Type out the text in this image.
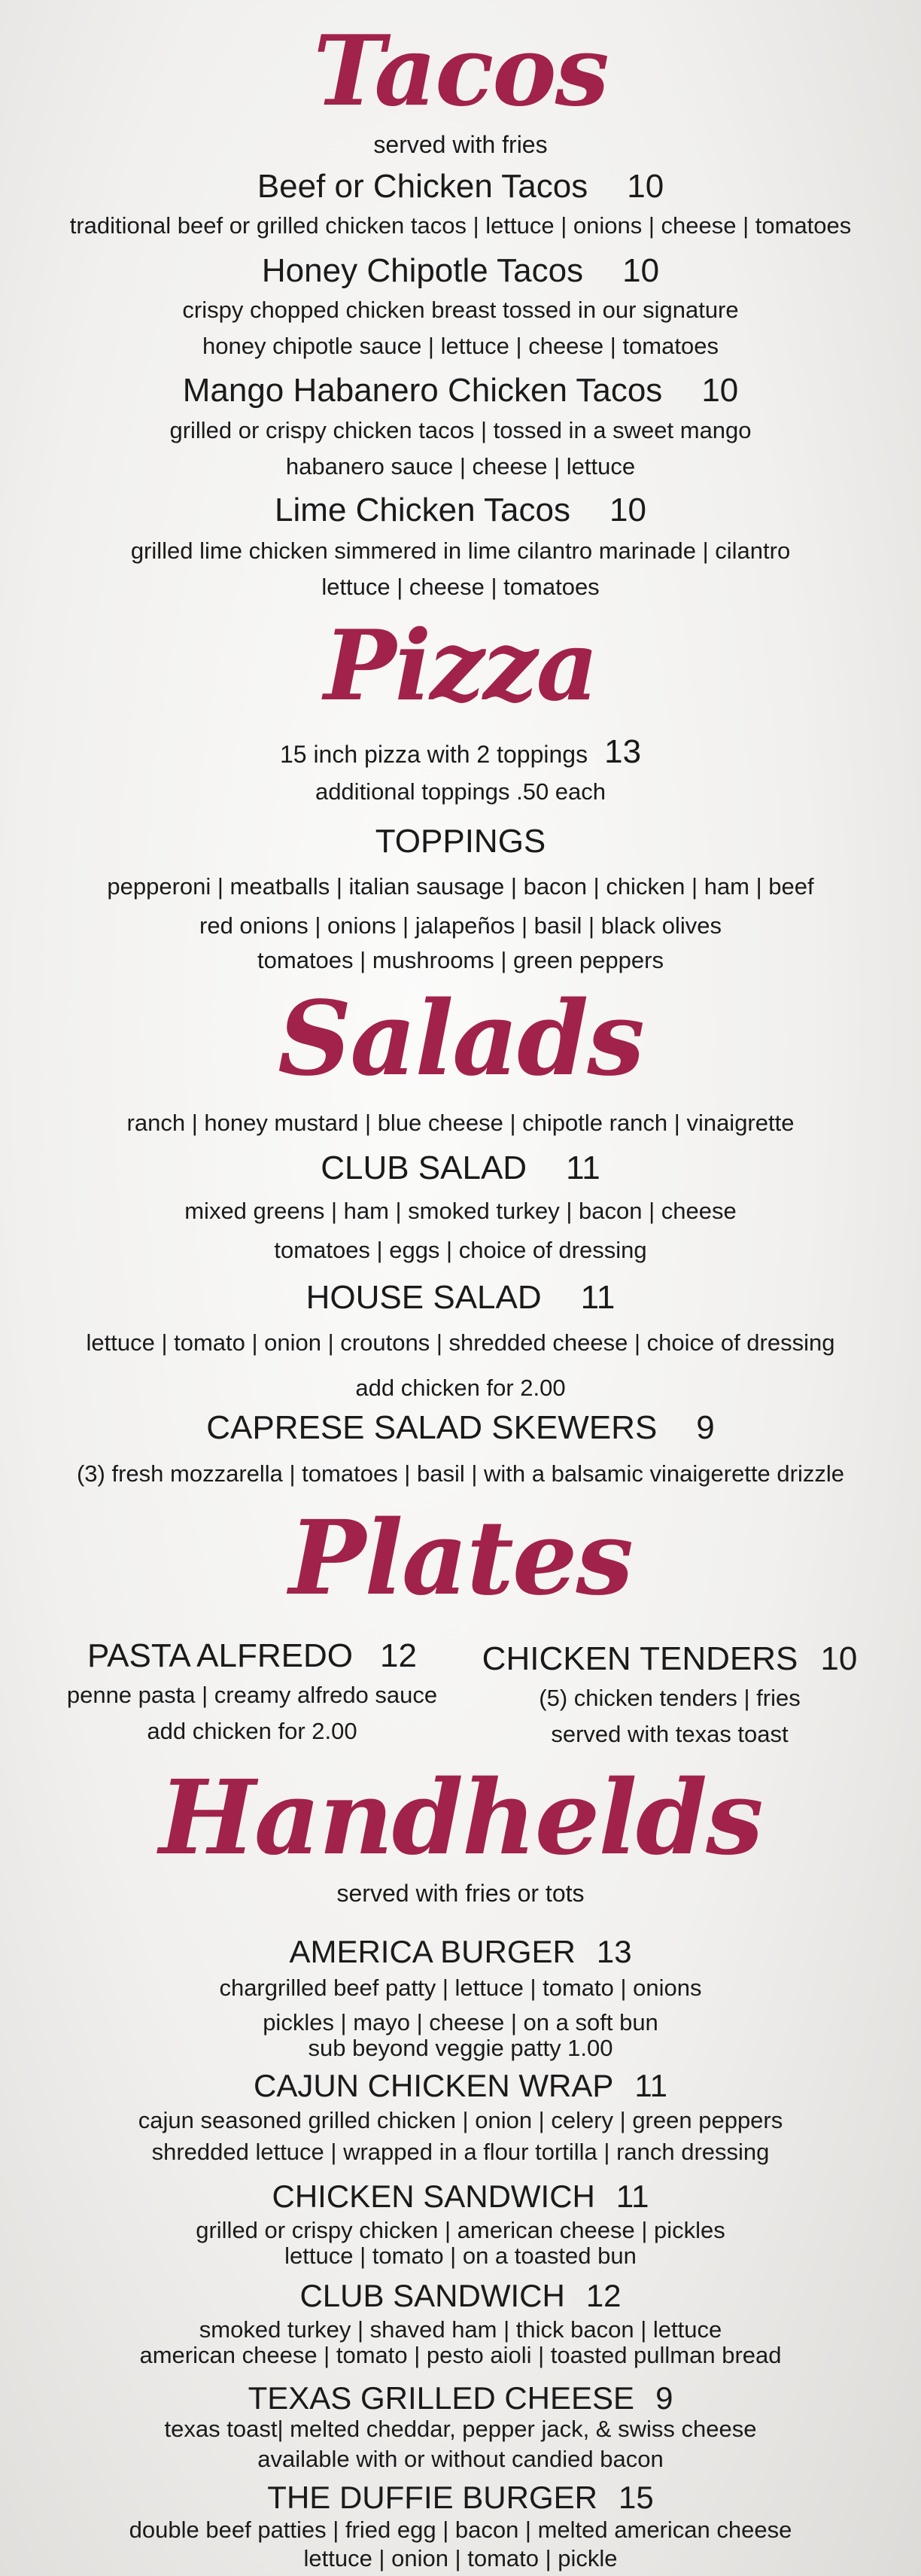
Tacos
served with fries
Beef or Chicken Tacos 10
traditional beef or grilled chicken tacos | lettuce | onions | cheese | tomatoes
Honey Chipotle Tacos 10
crispy chopped chicken breast tossed in our signature
honey chipotle sauce | lettuce | cheese | tomatoes
Mango Habanero Chicken Tacos 10
grilled or crispy chicken tacos | tossed in a sweet mango
habanero sauce | cheese | lettuce
Lime Chicken Tacos 10
grilled lime chicken simmered in lime cilantro marinade | cilantro
lettuce | cheese | tomatoes
Pizza
15 inch pizza with 2 toppings 13
additional toppings .50 each
TOPPINGS
pepperoni | meatballs | italian sausage | bacon | chicken | ham | beef
red onions | onions | jalapeños | basil | black olives
tomatoes | mushrooms | green peppers
Salads
ranch | honey mustard | blue cheese | chipotle ranch | vinaigrette
CLUB SALAD 11
mixed greens | ham | smoked turkey | bacon | cheese
tomatoes | eggs | choice of dressing
HOUSE SALAD 11
lettuce | tomato | onion | croutons | shredded cheese | choice of dressing
add chicken for 2.00
CAPRESE SALAD SKEWERS 9
(3) fresh mozzarella | tomatoes | basil | with a balsamic vinaigerette drizzle
Plates
PASTA ALFREDO 12
penne pasta | creamy alfredo sauce
add chicken for 2.00
CHICKEN TENDERS 10
(5) chicken tenders | fries
served with texas toast
Handhelds
served with fries or tots
AMERICA BURGER 13
chargrilled beef patty | lettuce | tomato | onions
pickles | mayo | cheese | on a soft bun
sub beyond veggie patty 1.00
CAJUN CHICKEN WRAP 11
cajun seasoned grilled chicken | onion | celery | green peppers
shredded lettuce | wrapped in a flour tortilla | ranch dressing
CHICKEN SANDWICH 11
grilled or crispy chicken | american cheese | pickles
lettuce | tomato | on a toasted bun
CLUB SANDWICH 12
smoked turkey | shaved ham | thick bacon | lettuce
american cheese | tomato | pesto aioli | toasted pullman bread
TEXAS GRILLED CHEESE 9
texas toast| melted cheddar, pepper jack, & swiss cheese
available with or without candied bacon
THE DUFFIE BURGER 15
double beef patties | fried egg | bacon | melted american cheese
lettuce | onion | tomato | pickle
